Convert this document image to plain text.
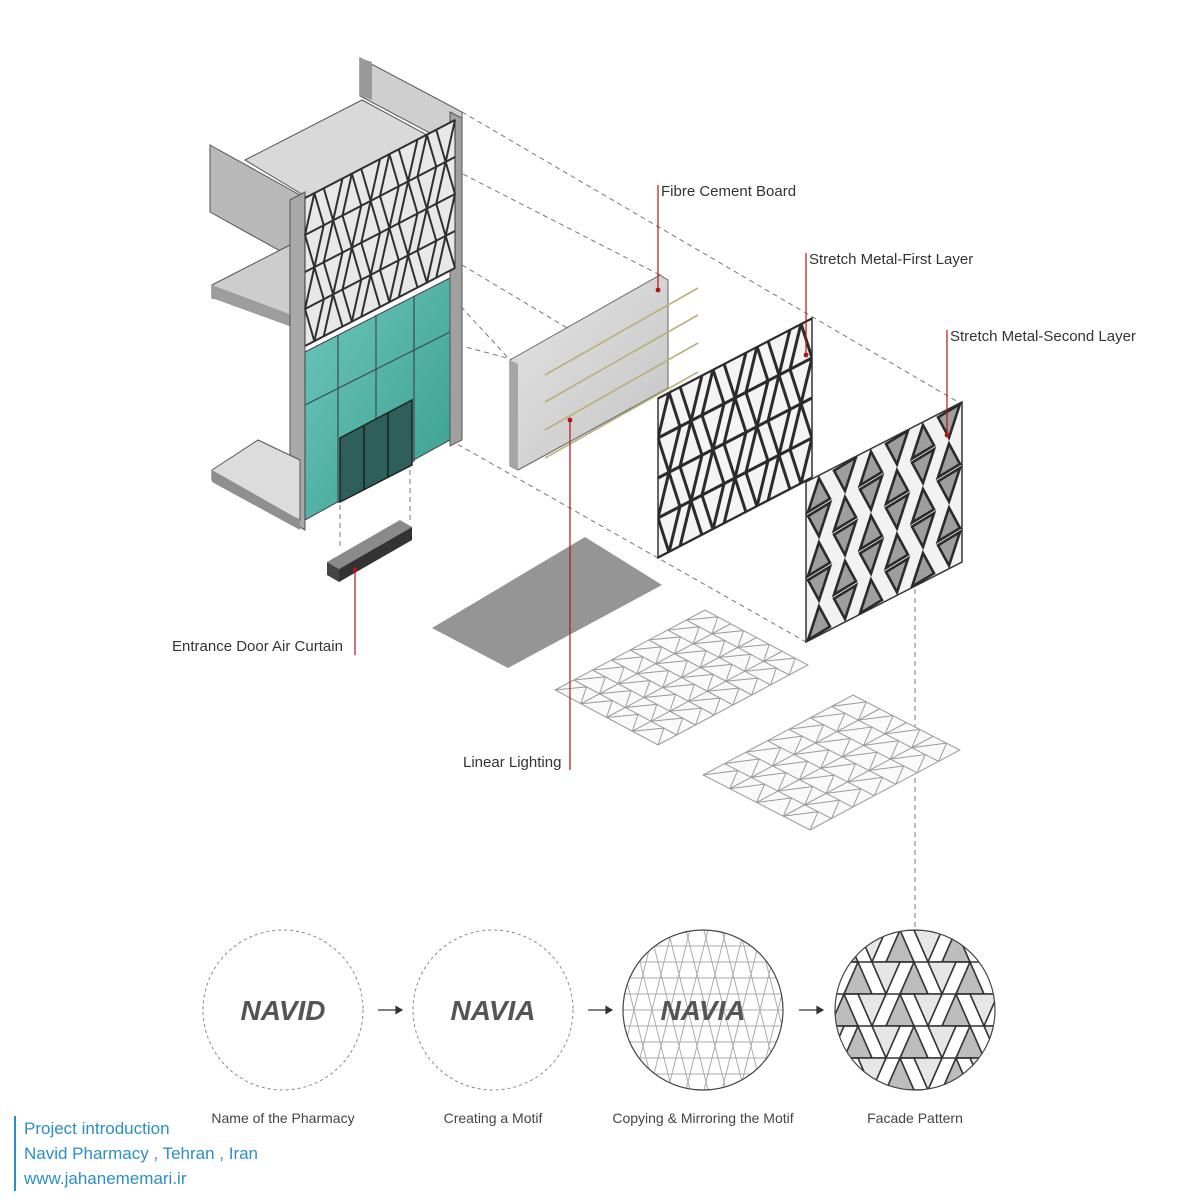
NAVID	NAVIA	NAVIA
Fibre Cement Board
Stretch Metal-First Layer
Stretch Metal-Second Layer
Entrance Door Air Curtain
Linear Lighting
Name of the Pharmacy	Creating a Motif	Copying & Mirroring the Motif	Facade Pattern
Project introduction
Navid Pharmacy , Tehran , Iran
www.jahanememari.ir
